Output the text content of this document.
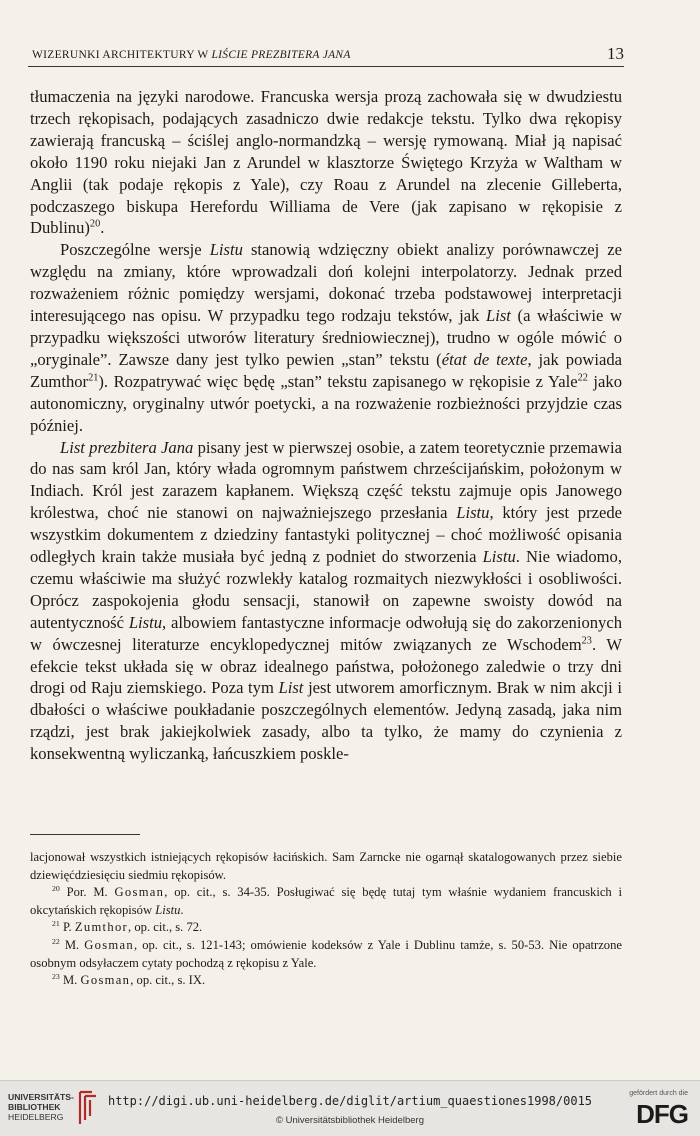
WIZERUNKI ARCHITEKTURY W LIŚCIE PREZBITERA JANA	13

tłumaczenia na języki narodowe. Francuska wersja prozą zachowała się w dwudziestu trzech rękopisach, podających zasadniczo dwie redakcje tekstu. Tylko dwa rękopisy zawierają francuską – ściślej anglo-normandzką – wersję rymowaną. Miał ją napisać około 1190 roku niejaki Jan z Arundel w klasztorze Świętego Krzyża w Waltham w Anglii (tak podaje rękopis z Yale), czy Roau z Arundel na zlecenie Gilleberta, podczaszego biskupa Herefordu Williama de Vere (jak zapisano w rękopisie z Dublinu)$^{20}$.

Poszczególne wersje Listu stanowią wdzięczny obiekt analizy porównawczej ze względu na zmiany, które wprowadzali doń kolejni interpolatorzy. Jednak przed rozważeniem różnic pomiędzy wersjami, dokonać trzeba podstawowej interpretacji interesującego nas opisu. W przypadku tego rodzaju tekstów, jak List (a właściwie w przypadku większości utworów literatury średniowiecznej), trudno w ogóle mówić o „oryginale”. Zawsze dany jest tylko pewien „stan” tekstu (état de texte, jak powiada Zumthor$^{21}$). Rozpatrywać więc będę „stan” tekstu zapisanego w rękopisie z Yale$^{22}$ jako autonomiczny, oryginalny utwór poetycki, a na rozważenie rozbieżności przyjdzie czas później.

List prezbitera Jana pisany jest w pierwszej osobie, a zatem teoretycznie przemawia do nas sam król Jan, który włada ogromnym państwem chrześcijańskim, położonym w Indiach. Król jest zarazem kapłanem. Większą część tekstu zajmuje opis Janowego królestwa, choć nie stanowi on najważniejszego przesłania Listu, który jest przede wszystkim dokumentem z dziedziny fantastyki politycznej – choć możliwość opisania odległych krain także musiała być jedną z podniet do stworzenia Listu. Nie wiadomo, czemu właściwie ma służyć rozwlekły katalog rozmaitych niezwykłości i osobliwości. Oprócz zaspokojenia głodu sensacji, stanowił on zapewne swoisty dowód na autentyczność Listu, albowiem fantastyczne informacje odwołują się do zakorzenionych w ówczesnej literaturze encyklopedycznej mitów związanych ze Wschodem$^{23}$. W efekcie tekst układa się w obraz idealnego państwa, położonego zaledwie o trzy dni drogi od Raju ziemskiego. Poza tym List jest utworem amorficznym. Brak w nim akcji i dbałości o właściwe poukładanie poszczególnych elementów. Jedyną zasadą, jaka nim rządzi, jest brak jakiejkolwiek zasady, albo ta tylko, że mamy do czynienia z konsekwentną wyliczanką, łańcuszkiem poskle-

lacjonował wszystkich istniejących rękopisów łacińskich. Sam Zarncke nie ogarnął skatalogowanych przez siebie dziewięćdziesięciu siedmiu rękopisów.

$^{20}$ Por. M. Gosman, op. cit., s. 34-35. Posługiwać się będę tutaj tym właśnie wydaniem francuskich i okcytańskich rękopisów Listu.

$^{21}$ P. Zumthor, op. cit., s. 72.

$^{22}$ M. Gosman, op. cit., s. 121-143; omówienie kodeksów z Yale i Dublinu tamże, s. 50-53. Nie opatrzone osobnym odsyłaczem cytaty pochodzą z rękopisu z Yale.

$^{23}$ M. Gosman, op. cit., s. IX.

UNIVERSITÄTS-
BIBLIOTHEK
HEIDELBERG
http://digi.ub.uni-heidelberg.de/diglit/artium_quaestiones1998/0015
© Universitätsbibliothek Heidelberg
gefördert durch die
DFG
